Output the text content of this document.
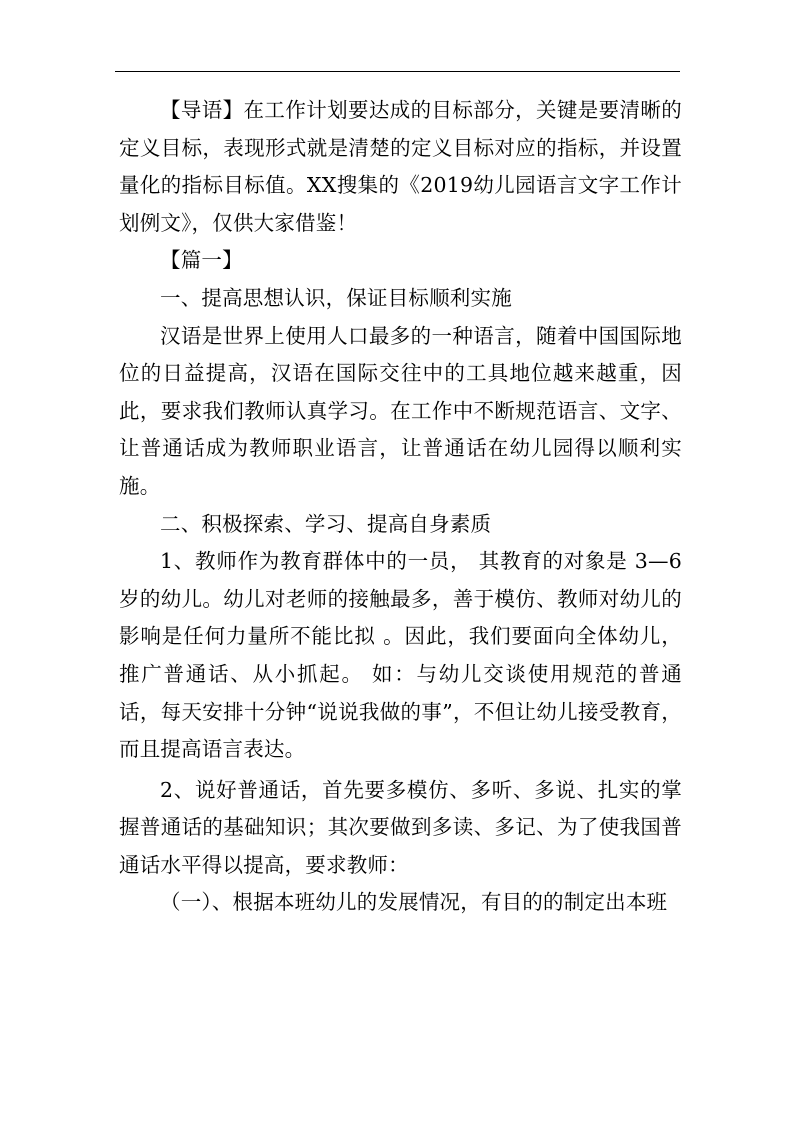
【导语】在工作计划要达成的目标部分，关键是要清晰的定义目标，表现形式就是清楚的定义目标对应的指标，并设置量化的指标目标值。XX搜集的《2019幼儿园语言文字工作计划例文》，仅供大家借鉴！

【篇一】

一、提高思想认识，保证目标顺利实施

汉语是世界上使用人口最多的一种语言，随着中国国际地位的日益提高，汉语在国际交往中的工具地位越来越重，因此，要求我们教师认真学习。在工作中不断规范语言、文字、让普通话成为教师职业语言，让普通话在幼儿园得以顺利实施。

二、积极探索、学习、提高自身素质

1、教师作为教育群体中的一员， 其教育的对象是 3—6岁的幼儿。幼儿对老师的接触最多，善于模仿、教师对幼儿的影响是任何力量所不能比拟 。因此，我们要面向全体幼儿，推广普通话、从小抓起。 如：与幼儿交谈使用规范的普通话，每天安排十分钟“说说我做的事”，不但让幼儿接受教育，而且提高语言表达。

2、说好普通话，首先要多模仿、多听、多说、扎实的掌握普通话的基础知识；其次要做到多读、多记、为了使我国普通话水平得以提高，要求教师：

（一）、根据本班幼儿的发展情况，有目的的制定出本班
